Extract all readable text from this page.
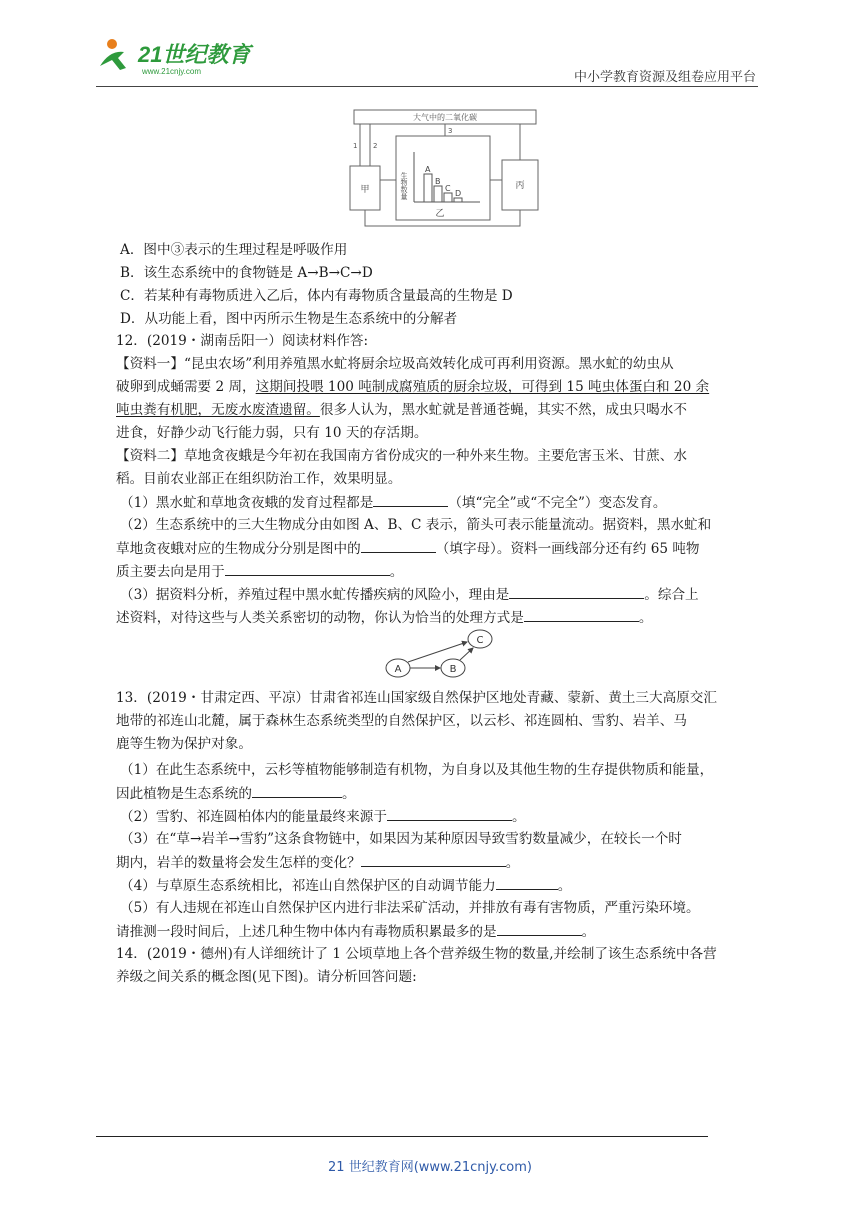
21世纪教育
www.21cnjy.com	中小学教育资源及组卷应用平台
大气中的二氧化碳
甲	丙
乙
生物数量
A
B
C
D
1 2
3
A．图中③表示的生理过程是呼吸作用
B．该生态系统中的食物链是 A→B→C→D
C．若某种有毒物质进入乙后，体内有毒物质含量最高的生物是 D
D．从功能上看，图中丙所示生物是生态系统中的分解者
12．(2019・湖南岳阳一）阅读材料作答:
【资料一】“昆虫农场”利用养殖黑水虻将厨余垃圾高效转化成可再利用资源。黑水虻的幼虫从
破卵到成蛹需要 2 周，这期间投喂 100 吨制成腐殖质的厨余垃圾，可得到 15 吨虫体蛋白和 20 余
吨虫粪有机肥，无废水废渣遗留。很多人认为，黑水虻就是普通苍蝇，其实不然，成虫只喝水不
进食，好静少动飞行能力弱，只有 10 天的存活期。
【资料二】草地贪夜蛾是今年初在我国南方省份成灾的一种外来生物。主要危害玉米、甘蔗、水
稻。目前农业部正在组织防治工作，效果明显。
（1）黑水虻和草地贪夜蛾的发育过程都是	（填“完全”或“不完全”）变态发育。
（2）生态系统中的三大生物成分由如图 A、B、C 表示，箭头可表示能量流动。据资料，黑水虻和
草地贪夜蛾对应的生物成分分别是图中的	（填字母）。资料一画线部分还有约 65 吨物
质主要去向是用于	。
（3）据资料分析，养殖过程中黑水虻传播疾病的风险小，理由是	。综合上
述资料，对待这些与人类关系密切的动物，你认为恰当的处理方式是	。
A	B
C
13．(2019・甘肃定西、平凉）甘肃省祁连山国家级自然保护区地处青藏、蒙新、黄土三大高原交汇
地带的祁连山北麓，属于森林生态系统类型的自然保护区，以云杉、祁连圆柏、雪豹、岩羊、马
鹿等生物为保护对象。
（1）在此生态系统中，云杉等植物能够制造有机物，为自身以及其他生物的生存提供物质和能量，
因此植物是生态系统的	。
（2）雪豹、祁连圆柏体内的能量最终来源于	。
（3）在“草→岩羊→雪豹”这条食物链中，如果因为某种原因导致雪豹数量减少，在较长一个时
期内，岩羊的数量将会发生怎样的变化？	。
（4）与草原生态系统相比，祁连山自然保护区的自动调节能力	。
（5）有人违规在祁连山自然保护区内进行非法采矿活动，并排放有毒有害物质，严重污染环境。
请推测一段时间后，上述几种生物中体内有毒物质积累最多的是	。
14．(2019・德州)有人详细统计了 1 公顷草地上各个营养级生物的数量,并绘制了该生态系统中各营
养级之间关系的概念图(见下图)。请分析回答问题:
21 世纪教育网(www.21cnjy.com)
